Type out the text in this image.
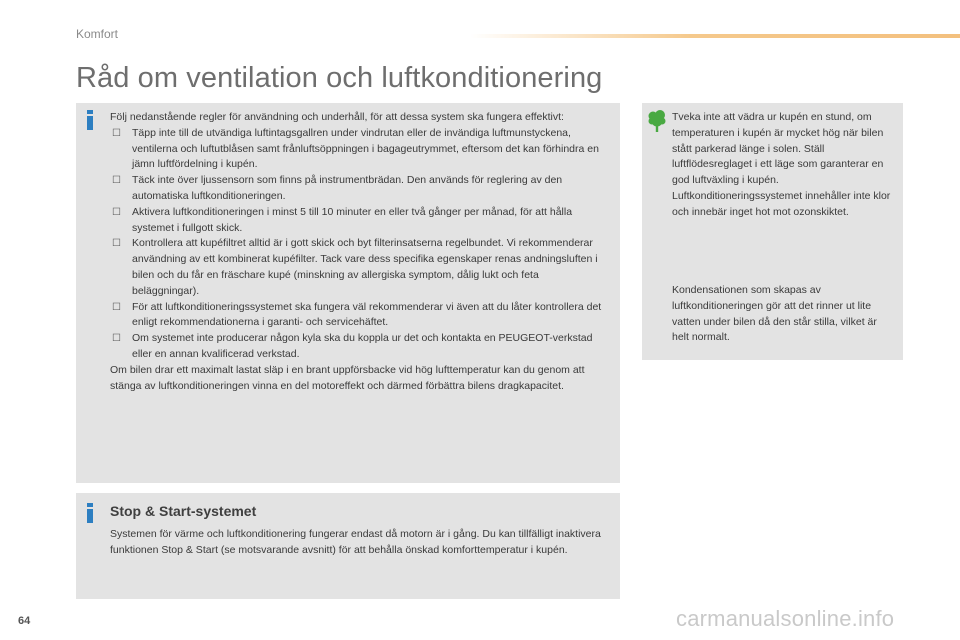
Komfort
Råd om ventilation och luftkonditionering

Följ nedanstående regler för användning och underhåll, för att dessa system ska fungera effektivt:

☐ Täpp inte till de utvändiga luftintagsgallren under vindrutan eller de invändiga luftmunstyckena, ventilerna och luftutblåsen samt frånluftsöppningen i bagageutrymmet, eftersom det kan förhindra en jämn luftfördelning i kupén.
☐ Täck inte över ljussensorn som finns på instrumentbrädan. Den används för reglering av den automatiska luftkonditioneringen.
☐ Aktivera luftkonditioneringen i minst 5 till 10 minuter en eller två gånger per månad, för att hålla systemet i fullgott skick.
☐ Kontrollera att kupéfiltret alltid är i gott skick och byt filterinsatserna regelbundet. Vi rekommenderar användning av ett kombinerat kupéfilter. Tack vare dess specifika egenskaper renas andningsluften i bilen och du får en fräschare kupé (minskning av allergiska symptom, dålig lukt och feta beläggningar).
☐ För att luftkonditioneringssystemet ska fungera väl rekommenderar vi även att du låter kontrollera det enligt rekommendationerna i garanti- och servicehäftet.
☐ Om systemet inte producerar någon kyla ska du koppla ur det och kontakta en PEUGEOT-verkstad eller en annan kvalificerad verkstad.

Om bilen drar ett maximalt lastat släp i en brant uppförsbacke vid hög lufttemperatur kan du genom att stänga av luftkonditioneringen vinna en del motoreffekt och därmed förbättra bilens dragkapacitet.

Tveka inte att vädra ur kupén en stund, om temperaturen i kupén är mycket hög när bilen stått parkerad länge i solen. Ställ luftflödesreglaget i ett läge som garanterar en god luftväxling i kupén. Luftkonditioneringssystemet innehåller inte klor och innebär inget hot mot ozonskiktet.
Kondensationen som skapas av luftkonditioneringen gör att det rinner ut lite vatten under bilen då den står stilla, vilket är helt normalt.
Stop & Start-systemet
Systemen för värme och luftkonditionering fungerar endast då motorn är i gång. Du kan tillfälligt inaktivera funktionen Stop & Start (se motsvarande avsnitt) för att behålla önskad komforttemperatur i kupén.
64	carmanualsonline.info
